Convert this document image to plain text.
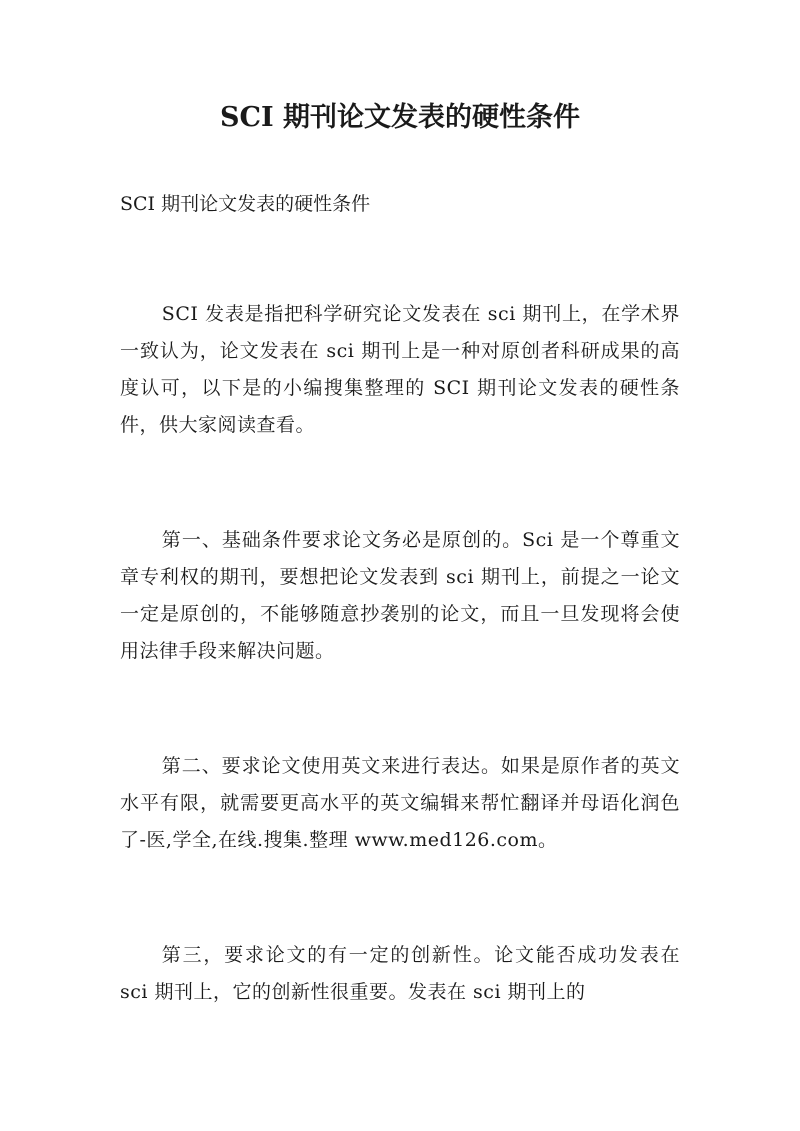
SCI 期刊论文发表的硬性条件

SCI 期刊论文发表的硬性条件

SCI 发表是指把科学研究论文发表在 sci 期刊上，在学术界一致认为，论文发表在 sci 期刊上是一种对原创者科研成果的高度认可，以下是的小编搜集整理的 SCI 期刊论文发表的硬性条件，供大家阅读查看。

第一、基础条件要求论文务必是原创的。Sci 是一个尊重文章专利权的期刊，要想把论文发表到 sci 期刊上，前提之一论文一定是原创的，不能够随意抄袭别的论文，而且一旦发现将会使用法律手段来解决问题。

第二、要求论文使用英文来进行表达。如果是原作者的英文水平有限，就需要更高水平的英文编辑来帮忙翻译并母语化润色了-医,学全,在线.搜集.整理 www.med126.com。

第三，要求论文的有一定的创新性。论文能否成功发表在 sci 期刊上，它的创新性很重要。发表在 sci 期刊上的
